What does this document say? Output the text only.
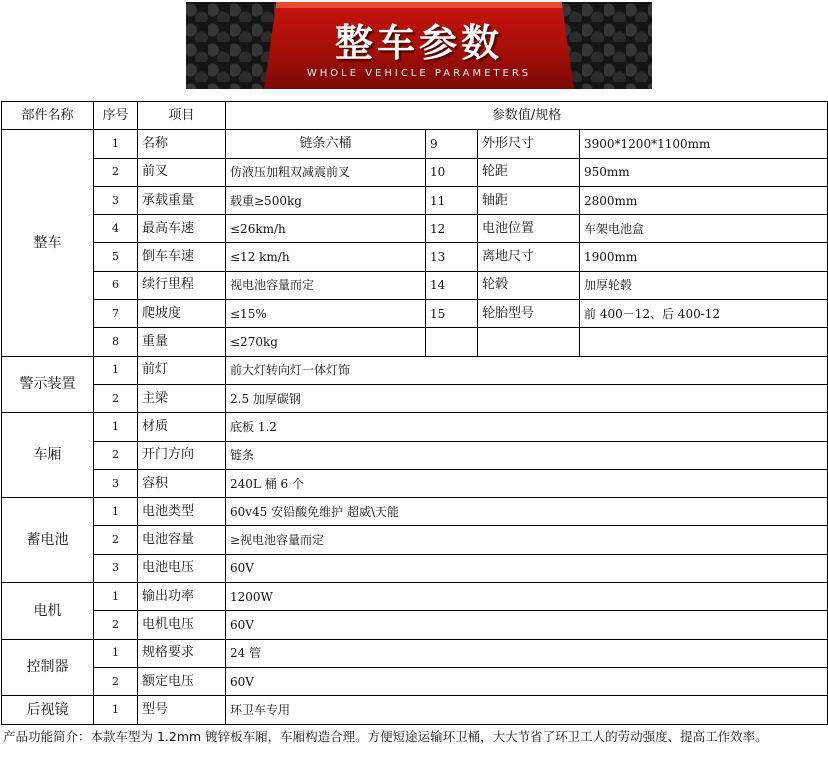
整车参数
WHOLE VEHICLE PARAMETERS
部件名称	序号	项目	参数值/规格			
整车	1	名称	链条六桶	9	外形尺寸	3900*1200*1100mm
	2	前叉	仿液压加粗双减震前叉	10	轮距	950mm
	3	承载重量	载重≥500kg	11	轴距	2800mm
	4	最高车速	≤26km/h	12	电池位置	车架电池盒
	5	倒车车速	≤12 km/h	13	离地尺寸	1900mm
	6	续行里程	视电池容量而定	14	轮毂	加厚轮毂
	7	爬坡度	≤15%	15	轮胎型号	前 400－12、后 400-12
	8	重量	≤270kg			
警示装置	1	前灯	前大灯转向灯一体灯饰			
	2	主梁	2.5 加厚碳钢			
车厢	1	材质	底板 1.2			
	2	开门方向	链条			
	3	容积	240L 桶 6 个			
蓄电池	1	电池类型	60v45 安铅酸免维护 超威\天能			
	2	电池容量	≥视电池容量而定			
	3	电池电压	60V			
电机	1	输出功率	1200W			
	2	电机电压	60V			
控制器	1	规格要求	24 管			
	2	额定电压	60V			
后视镜	1	型号	环卫车专用			
产品功能简介：本款车型为 1.2mm 镀锌板车厢，车厢构造合理。方便短途运输环卫桶，大大节省了环卫工人的劳动强度、提高工作效率。
